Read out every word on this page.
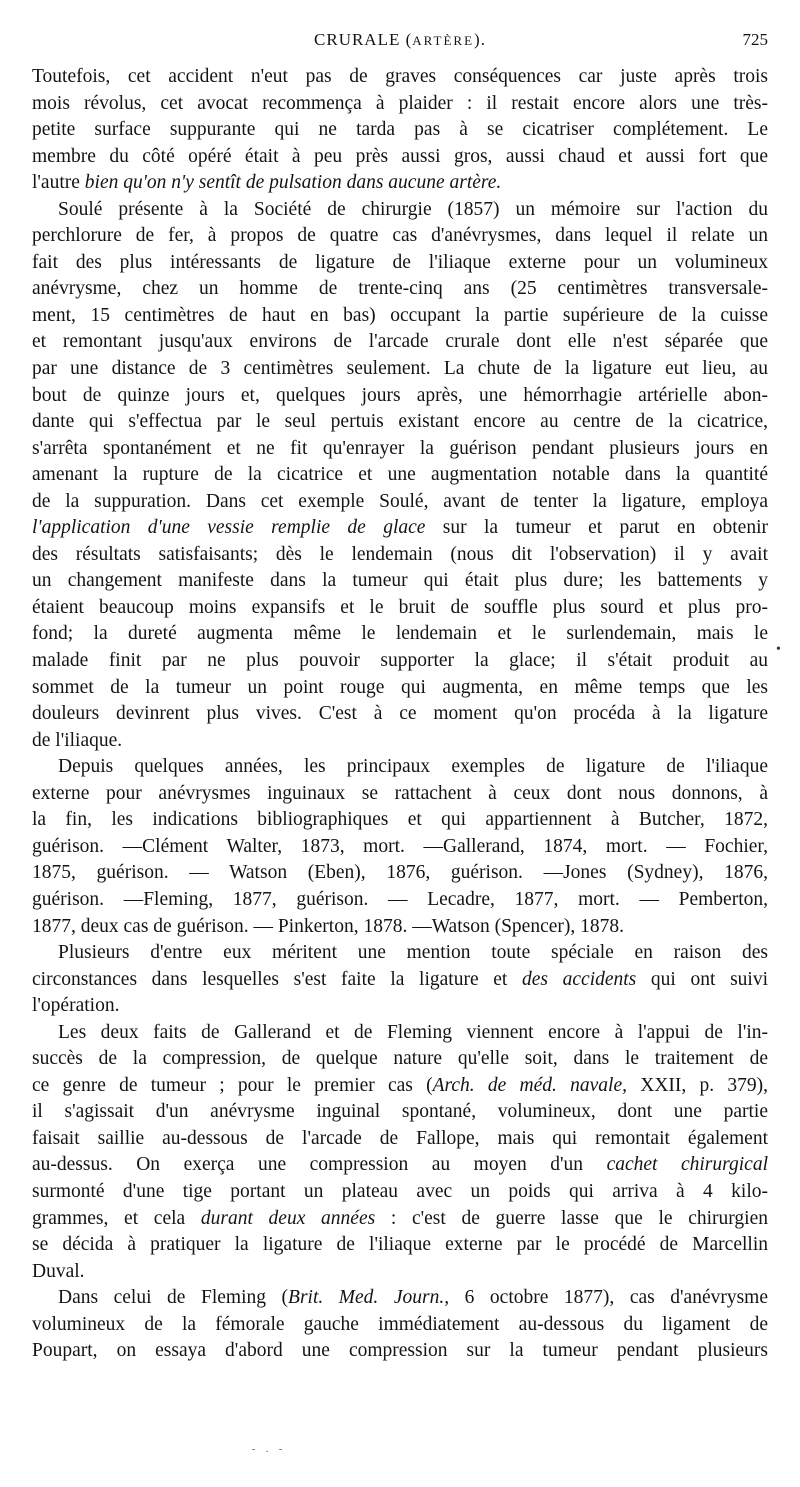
CRURALE (ARTÈRE).	725
Toutefois, cet accident n'eut pas de graves conséquences car juste après trois
mois révolus, cet avocat recommença à plaider : il restait encore alors une très-
petite surface suppurante qui ne tarda pas à se cicatriser complétement. Le
membre du côté opéré était à peu près aussi gros, aussi chaud et aussi fort que
l'autre bien qu'on n'y sentît de pulsation dans aucune artère.
Soulé présente à la Société de chirurgie (1857) un mémoire sur l'action du
perchlorure de fer, à propos de quatre cas d'anévrysmes, dans lequel il relate un
fait des plus intéressants de ligature de l'iliaque externe pour un volumineux
anévrysme, chez un homme de trente-cinq ans (25 centimètres transversale-
ment, 15 centimètres de haut en bas) occupant la partie supérieure de la cuisse
et remontant jusqu'aux environs de l'arcade crurale dont elle n'est séparée que
par une distance de 3 centimètres seulement. La chute de la ligature eut lieu, au
bout de quinze jours et, quelques jours après, une hémorrhagie artérielle abon-
dante qui s'effectua par le seul pertuis existant encore au centre de la cicatrice,
s'arrêta spontanément et ne fit qu'enrayer la guérison pendant plusieurs jours en
amenant la rupture de la cicatrice et une augmentation notable dans la quantité
de la suppuration. Dans cet exemple Soulé, avant de tenter la ligature, employa
l'application d'une vessie remplie de glace sur la tumeur et parut en obtenir
des résultats satisfaisants; dès le lendemain (nous dit l'observation) il y avait
un changement manifeste dans la tumeur qui était plus dure; les battements y
étaient beaucoup moins expansifs et le bruit de souffle plus sourd et plus pro-
fond; la dureté augmenta même le lendemain et le surlendemain, mais le
malade finit par ne plus pouvoir supporter la glace; il s'était produit au
sommet de la tumeur un point rouge qui augmenta, en même temps que les
douleurs devinrent plus vives. C'est à ce moment qu'on procéda à la ligature
de l'iliaque.
Depuis quelques années, les principaux exemples de ligature de l'iliaque
externe pour anévrysmes inguinaux se rattachent à ceux dont nous donnons, à
la fin, les indications bibliographiques et qui appartiennent à Butcher, 1872,
guérison. —Clément Walter, 1873, mort. —Gallerand, 1874, mort. — Fochier,
1875, guérison. — Watson (Eben), 1876, guérison. —Jones (Sydney), 1876,
guérison. —Fleming, 1877, guérison. — Lecadre, 1877, mort. — Pemberton,
1877, deux cas de guérison. — Pinkerton, 1878. —Watson (Spencer), 1878.
Plusieurs d'entre eux méritent une mention toute spéciale en raison des
circonstances dans lesquelles s'est faite la ligature et des accidents qui ont suivi
l'opération.
Les deux faits de Gallerand et de Fleming viennent encore à l'appui de l'in-
succès de la compression, de quelque nature qu'elle soit, dans le traitement de
ce genre de tumeur ; pour le premier cas (Arch. de méd. navale, XXII, p. 379),
il s'agissait d'un anévrysme inguinal spontané, volumineux, dont une partie
faisait saillie au-dessous de l'arcade de Fallope, mais qui remontait également
au-dessus. On exerça une compression au moyen d'un cachet chirurgical
surmonté d'une tige portant un plateau avec un poids qui arriva à 4 kilo-
grammes, et cela durant deux années : c'est de guerre lasse que le chirurgien
se décida à pratiquer la ligature de l'iliaque externe par le procédé de Marcellin
Duval.
Dans celui de Fleming (Brit. Med. Journ., 6 octobre 1877), cas d'anévrysme
volumineux de la fémorale gauche immédiatement au-dessous du ligament de
Poupart, on essaya d'abord une compression sur la tumeur pendant plusieurs
•
- . -
